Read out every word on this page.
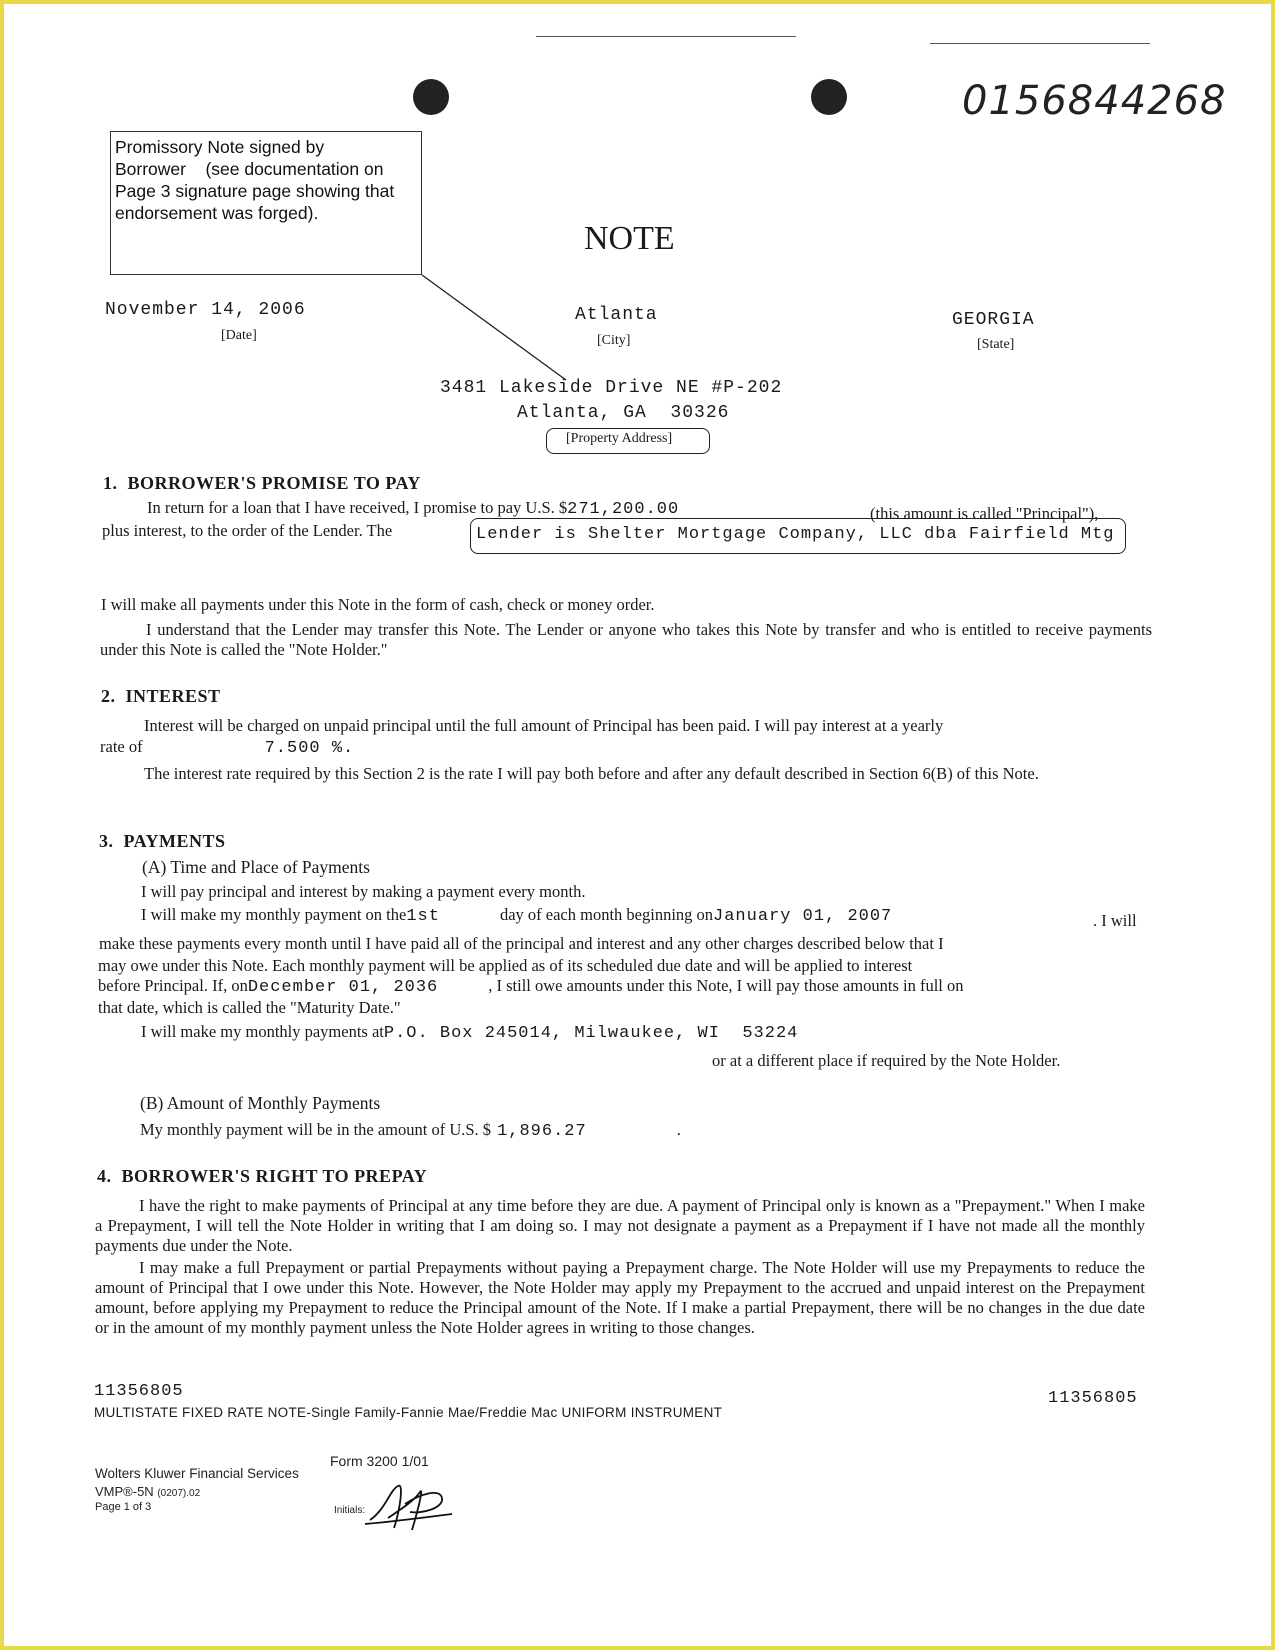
0156844268
Promissory Note signed by
Borrower    (see documentation on
Page 3 signature page showing that
endorsement was forged).
NOTE
November 14, 2006
[Date]
Atlanta
[City]
GEORGIA
[State]
3481 Lakeside Drive NE #P-202
Atlanta, GA  30326
[Property Address]
1.  BORROWER'S PROMISE TO PAY
In return for a loan that I have received, I promise to pay U.S. $271,200.00	(this amount is called "Principal"),
plus interest, to the order of the Lender. The	Lender is Shelter Mortgage Company, LLC dba Fairfield Mtg
I will make all payments under this Note in the form of cash, check or money order.
I understand that the Lender may transfer this Note. The Lender or anyone who takes this Note by transfer and who is entitled to receive payments under this Note is called the "Note Holder."
2.  INTEREST
Interest will be charged on unpaid principal until the full amount of Principal has been paid. I will pay interest at a yearly
rate of	7.500 %.
The interest rate required by this Section 2 is the rate I will pay both before and after any default described in Section 6(B) of this Note.
3.  PAYMENTS
(A) Time and Place of Payments
I will pay principal and interest by making a payment every month.
I will make my monthly payment on the1st	day of each month beginning onJanuary 01, 2007	. I will
make these payments every month until I have paid all of the principal and interest and any other charges described below that I
may owe under this Note. Each monthly payment will be applied as of its scheduled due date and will be applied to interest
before Principal. If, onDecember 01, 2036	, I still owe amounts under this Note, I will pay those amounts in full on
that date, which is called the "Maturity Date."
I will make my monthly payments atP.O. Box 245014, Milwaukee, WI  53224
or at a different place if required by the Note Holder.
(B) Amount of Monthly Payments
My monthly payment will be in the amount of U.S. $ 1,896.27	.
4.  BORROWER'S RIGHT TO PREPAY
I have the right to make payments of Principal at any time before they are due. A payment of Principal only is known as a "Prepayment." When I make a Prepayment, I will tell the Note Holder in writing that I am doing so. I may not designate a payment as a Prepayment if I have not made all the monthly payments due under the Note.
I may make a full Prepayment or partial Prepayments without paying a Prepayment charge. The Note Holder will use my Prepayments to reduce the amount of Principal that I owe under this Note. However, the Note Holder may apply my Prepayment to the accrued and unpaid interest on the Prepayment amount, before applying my Prepayment to reduce the Principal amount of the Note. If I make a partial Prepayment, there will be no changes in the due date or in the amount of my monthly payment unless the Note Holder agrees in writing to those changes.
11356805	11356805
MULTISTATE FIXED RATE NOTE-Single Family-Fannie Mae/Freddie Mac UNIFORM INSTRUMENT
Form 3200 1/01
Wolters Kluwer Financial Services
VMP®-5N (0207).02
Page 1 of 3	Initials:
